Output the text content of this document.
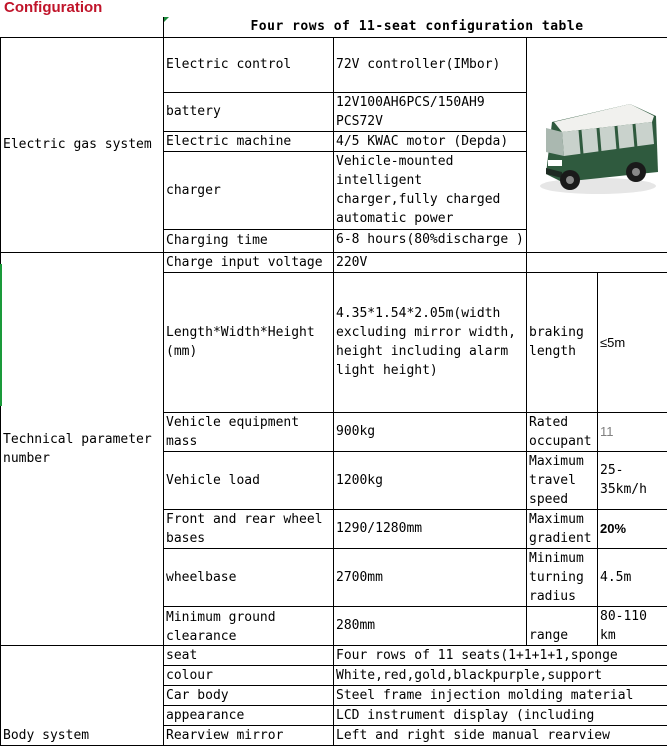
Configuration
	Four rows of 11-seat configuration table			
Electric gas system	Electric control	72V controller(IMbor)	
	battery	12V100AH6PCS/150AH9 PCS72V		
	Electric machine	4/5 KWAC motor (Depda)		
	charger	Vehicle-mounted intelligent charger,fully charged automatic power		
	Charging time	6-8 hours(80%discharge )		

Technical parameter number	Charge input voltage	220V		
	Length*Width*Height (mm)	4.35*1.54*2.05m(width excluding mirror width, height including alarm light height)	braking length	≤5m
	Vehicle equipment mass	900kg	Rated occupant	11
	Vehicle load	1200kg	Maximum travel speed	25-35km/h
	Front and rear wheel bases	1290/1280mm	Maximum gradient	20%
	wheelbase	2700mm	Minimum turning radius	4.5m

	Minimum ground clearance	280mm	range	80-110 km

Body system	seat	Four rows of 11 seats(1+1+1+1,sponge		

	colour	White,red,gold,blackpurple,support		

	Car body	Steel frame injection molding material		

	appearance	LCD instrument display (including		

	Rearview mirror	Left and right side manual rearview		
